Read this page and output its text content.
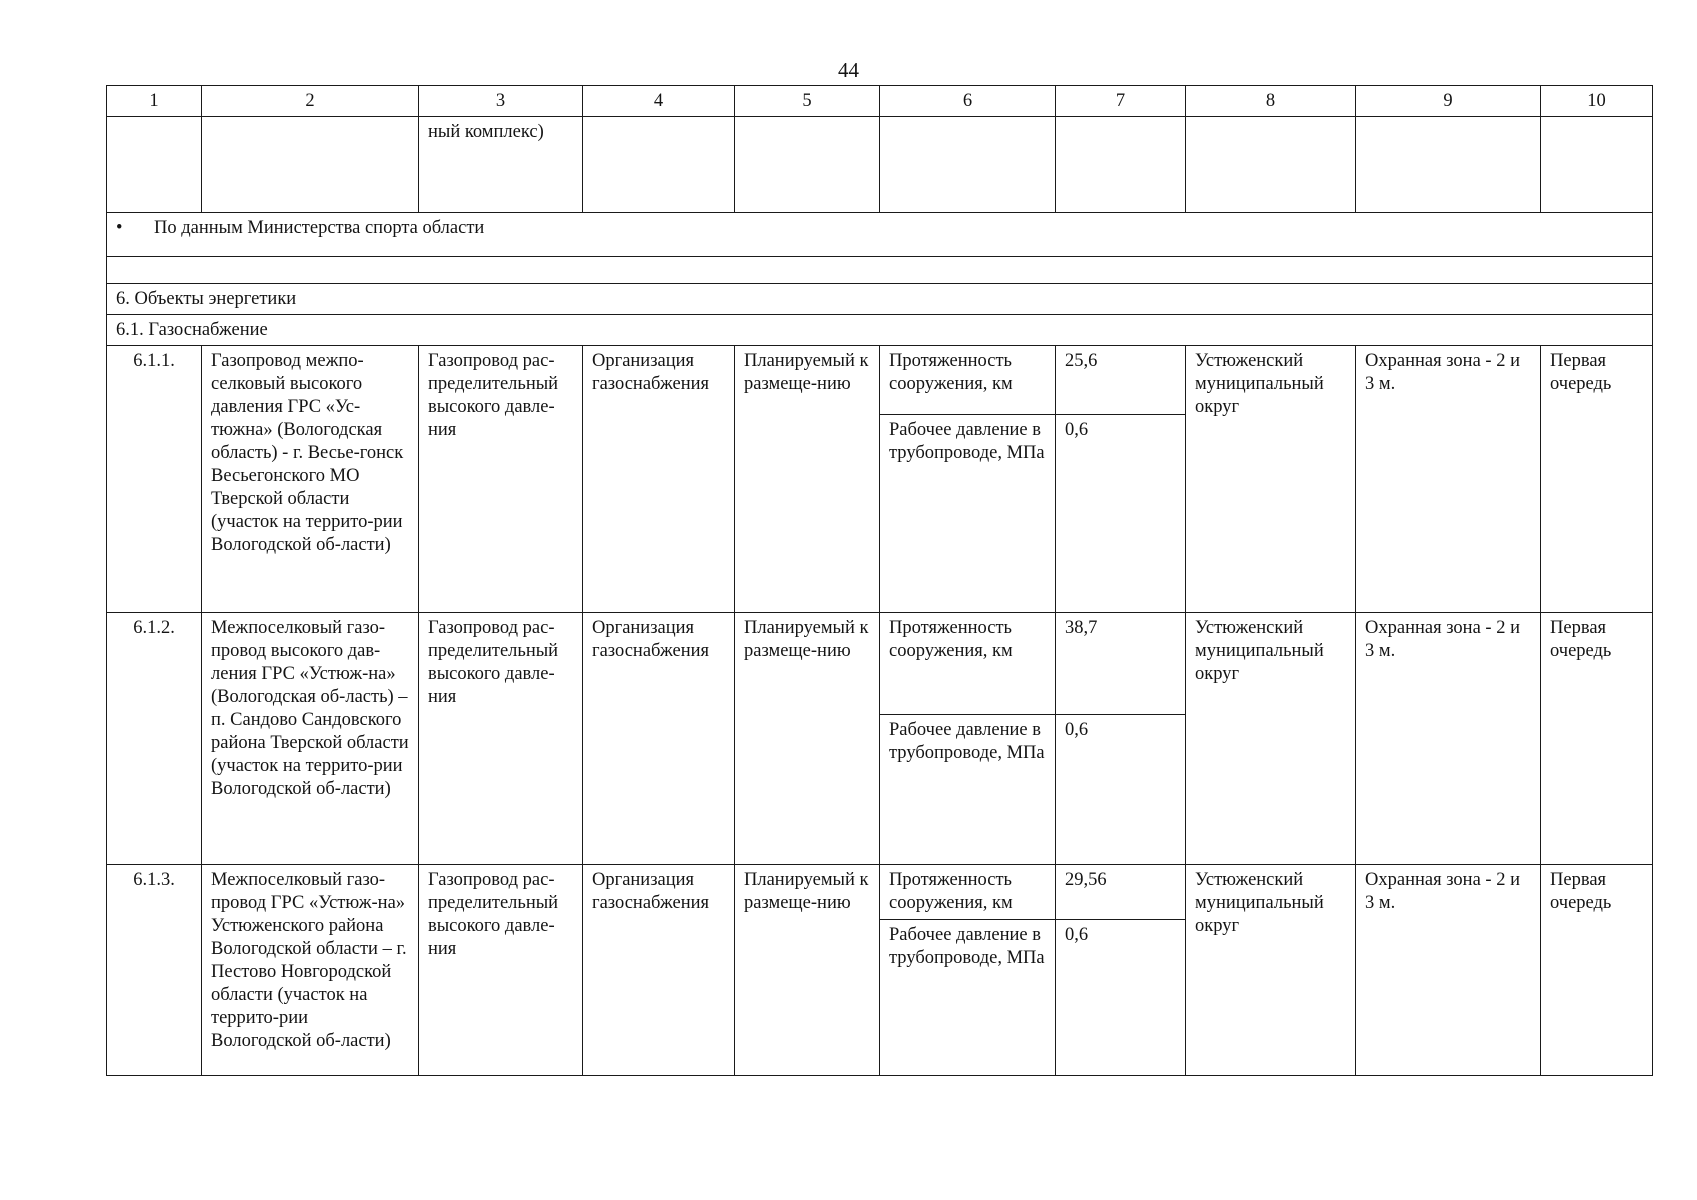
44
1	2	3	4	5	6	7	8	9	10
		ный комплекс)							
• По данным Министерства спорта области									

6. Объекты энергетики									
6.1. Газоснабжение									
6.1.1.	Газопровод межпо-селковый высокого давления ГРС «Ус-тюжна» (Вологодская область) - г. Весье-гонск Весьегонского МО Тверской области (участок на террито-рии Вологодской об-ласти)	Газопровод рас-пределительный высокого давле-ния	Организация газоснабжения	Планируемый к размеще-нию	Протяженность сооружения, км	25,6	Устюженский муниципальный округ	Охранная зона - 2 и 3 м.	Первая очередь
					Рабочее давление в трубопроводе, МПа	0,6			
6.1.2.	Межпоселковый газо-провод высокого дав-ления ГРС «Устюж-на» (Вологодская об-ласть) – п. Сандово Сандовского района Тверской области (участок на террито-рии Вологодской об-ласти)	Газопровод рас-пределительный высокого давле-ния	Организация газоснабжения	Планируемый к размеще-нию	Протяженность сооружения, км	38,7	Устюженский муниципальный округ	Охранная зона - 2 и 3 м.	Первая очередь
					Рабочее давление в трубопроводе, МПа	0,6			
6.1.3.	Межпоселковый газо-провод ГРС «Устюж-на» Устюженского района Вологодской области – г. Пестово Новгородской области (участок на террито-рии Вологодской об-ласти)	Газопровод рас-пределительный высокого давле-ния	Организация газоснабжения	Планируемый к размеще-нию	Протяженность сооружения, км	29,56	Устюженский муниципальный округ	Охранная зона - 2 и 3 м.	Первая очередь
					Рабочее давление в трубопроводе, МПа	0,6			
